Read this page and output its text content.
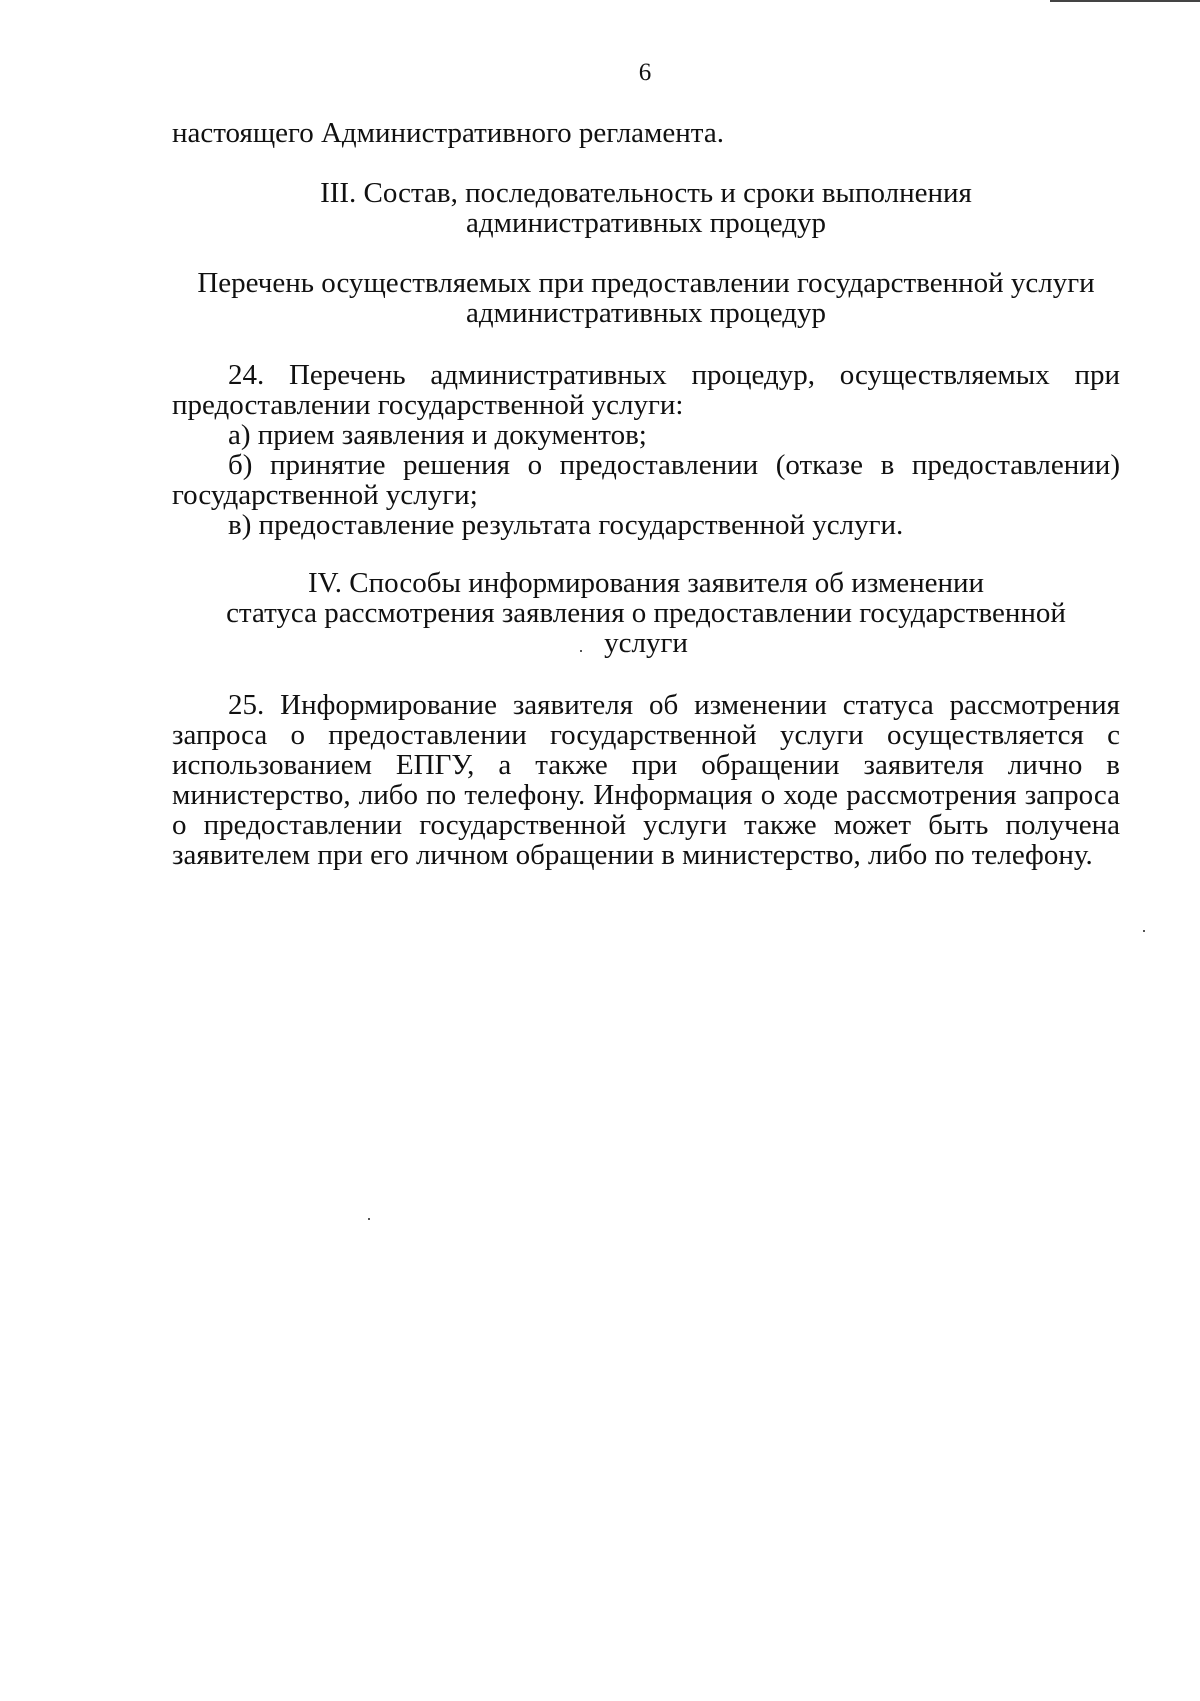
6
настоящего Административного регламента.
III. Состав, последовательность и сроки выполнения
административных процедур
Перечень осуществляемых при предоставлении государственной услуги
административных процедур

24. Перечень административных процедур, осуществляемых при предоставлении государственной услуги:

а) прием заявления и документов;

б) принятие решения о предоставлении (отказе в предоставлении) государственной услуги;

в) предоставление результата государственной услуги.

IV. Способы информирования заявителя об изменении
статуса рассмотрения заявления о предоставлении государственной
услуги

25. Информирование заявителя об изменении статуса рассмотрения запроса о предоставлении государственной услуги осуществляется с использованием ЕПГУ, а также при обращении заявителя лично в министерство, либо по телефону. Информация о ходе рассмотрения запроса о предоставлении государственной услуги также может быть получена заявителем при его личном обращении в министерство, либо по телефону.
